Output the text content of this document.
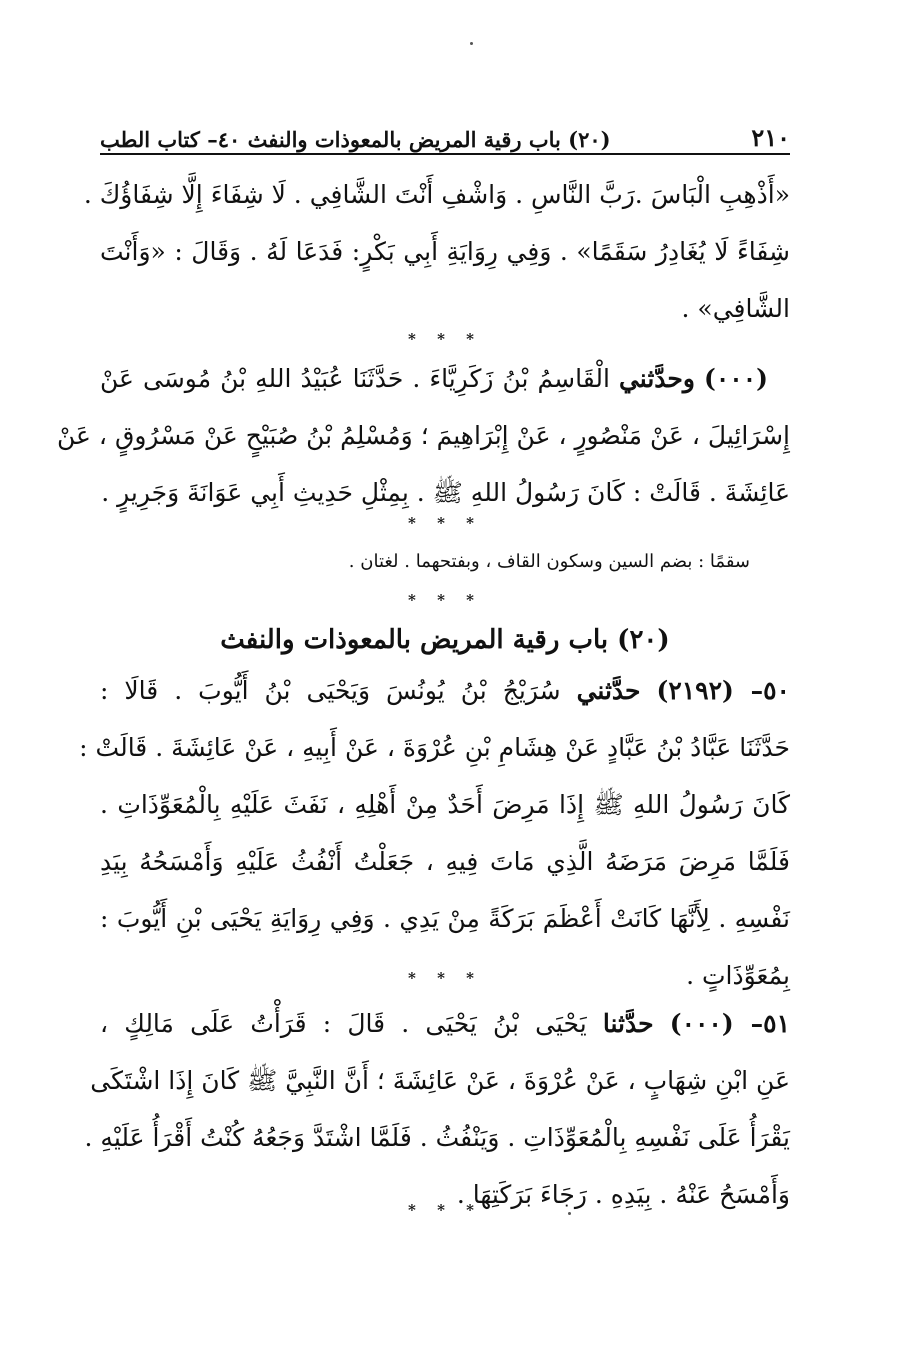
٢١٠
(٢٠) باب رقية المريض بالمعوذات والنفث ٤٠– كتاب الطب
«أَذْهِبِ الْبَاسَ .رَبَّ النَّاسِ . وَاشْفِ أَنْتَ الشَّافِي . لَا شِفَاءَ إِلَّا شِفَاؤُكَ .
شِفَاءً لَا يُغَادِرُ سَقَمًا» . وَفِي رِوَايَةِ أَبِي بَكْرٍ: فَدَعَا لَهُ . وَقَالَ : «وَأَنْتَ
الشَّافِي» .
* * *
(٠٠٠) وحدَّثني الْقَاسِمُ بْنُ زَكَرِيَّاءَ . حَدَّثَنَا عُبَيْدُ اللهِ بْنُ مُوسَى عَنْ
إِسْرَائِيلَ ، عَنْ مَنْصُورٍ ، عَنْ إِبْرَاهِيمَ ؛ وَمُسْلِمُ بْنُ صُبَيْحٍ عَنْ مَسْرُوقٍ ، عَنْ
عَائِشَةَ . قَالَتْ : كَانَ رَسُولُ اللهِ ﷺ . بِمِثْلِ حَدِيثِ أَبِي عَوَانَةَ وَجَرِيرٍ .
* * *
سقمًا : بضم السين وسكون القاف ، وبفتحهما . لغتان .
* * *
(٢٠) باب رقية المريض بالمعوذات والنفث
٥٠– (٢١٩٢) حدَّثني سُرَيْجُ بْنُ يُونُسَ وَيَحْيَى بْنُ أَيُّوبَ . قَالَا :
حَدَّثَنَا عَبَّادُ بْنُ عَبَّادٍ عَنْ هِشَامِ بْنِ عُرْوَةَ ، عَنْ أَبِيهِ ، عَنْ عَائِشَةَ . قَالَتْ :
كَانَ رَسُولُ اللهِ ﷺ إِذَا مَرِضَ أَحَدٌ مِنْ أَهْلِهِ ، نَفَثَ عَلَيْهِ بِالْمُعَوِّذَاتِ .
فَلَمَّا مَرِضَ مَرَضَهُ الَّذِي مَاتَ فِيهِ ، جَعَلْتُ أَنْفُثُ عَلَيْهِ وَأَمْسَحُهُ بِيَدِ
نَفْسِهِ . لِأَنَّهَا كَانَتْ أَعْظَمَ بَرَكَةً مِنْ يَدِي . وَفِي رِوَايَةِ يَحْيَى بْنِ أَيُّوبَ :
بِمُعَوِّذَاتٍ .
* * *
٥١– (٠٠٠) حدَّثنا يَحْيَى بْنُ يَحْيَى . قَالَ : قَرَأْتُ عَلَى مَالِكٍ ،
عَنِ ابْنِ شِهَابٍ ، عَنْ عُرْوَةَ ، عَنْ عَائِشَةَ ؛ أَنَّ النَّبِيَّ ﷺ كَانَ إِذَا اشْتَكَى
يَقْرَأُ عَلَى نَفْسِهِ بِالْمُعَوِّذَاتِ . وَيَنْفُثُ . فَلَمَّا اشْتَدَّ وَجَعُهُ كُنْتُ أَقْرَأُ عَلَيْهِ .
وَأَمْسَحُ عَنْهُ . بِيَدِهِ . رَجَاءَ بَرَكَتِهَا .
* * *
